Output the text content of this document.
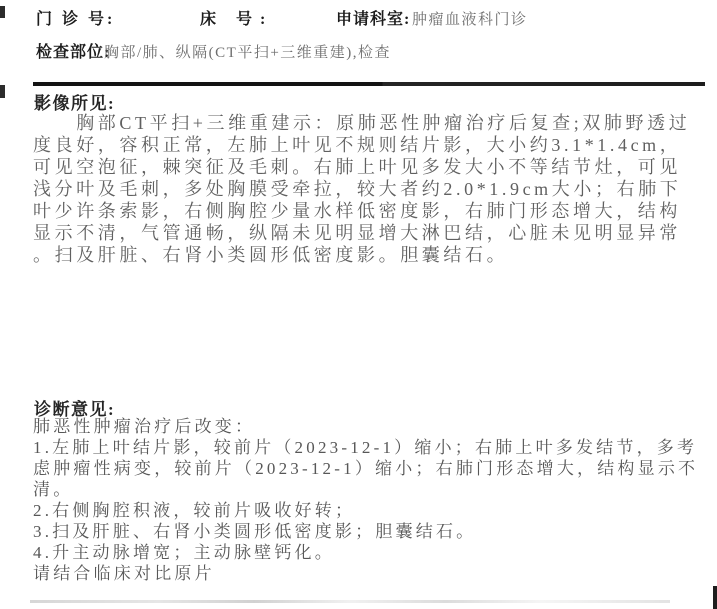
门 诊 号:	床 号:	申请科室: 肿瘤血液科门诊
检查部位:
胸部/肺、纵隔(CT平扫+三维重建),检查
影像所见:
　　胸部CT平扫+三维重建示：原肺恶性肿瘤治疗后复查;双肺野透过
度良好，容积正常，左肺上叶见不规则结片影，大小约3.1*1.4cm，
可见空泡征，棘突征及毛刺。右肺上叶见多发大小不等结节灶，可见
浅分叶及毛刺，多处胸膜受牵拉，较大者约2.0*1.9cm大小；右肺下
叶少许条索影，右侧胸腔少量水样低密度影，右肺门形态增大，结构
显示不清，气管通畅，纵隔未见明显增大淋巴结，心脏未见明显异常
。扫及肝脏、右肾小类圆形低密度影。胆囊结石。
诊断意见:
肺恶性肿瘤治疗后改变：
1.左肺上叶结片影，较前片（2023-12-1）缩小；右肺上叶多发结节，多考
虑肿瘤性病变，较前片（2023-12-1）缩小；右肺门形态增大，结构显示不
清。
2.右侧胸腔积液，较前片吸收好转；
3.扫及肝脏、右肾小类圆形低密度影；胆囊结石。
4.升主动脉增宽；主动脉壁钙化。
请结合临床对比原片
